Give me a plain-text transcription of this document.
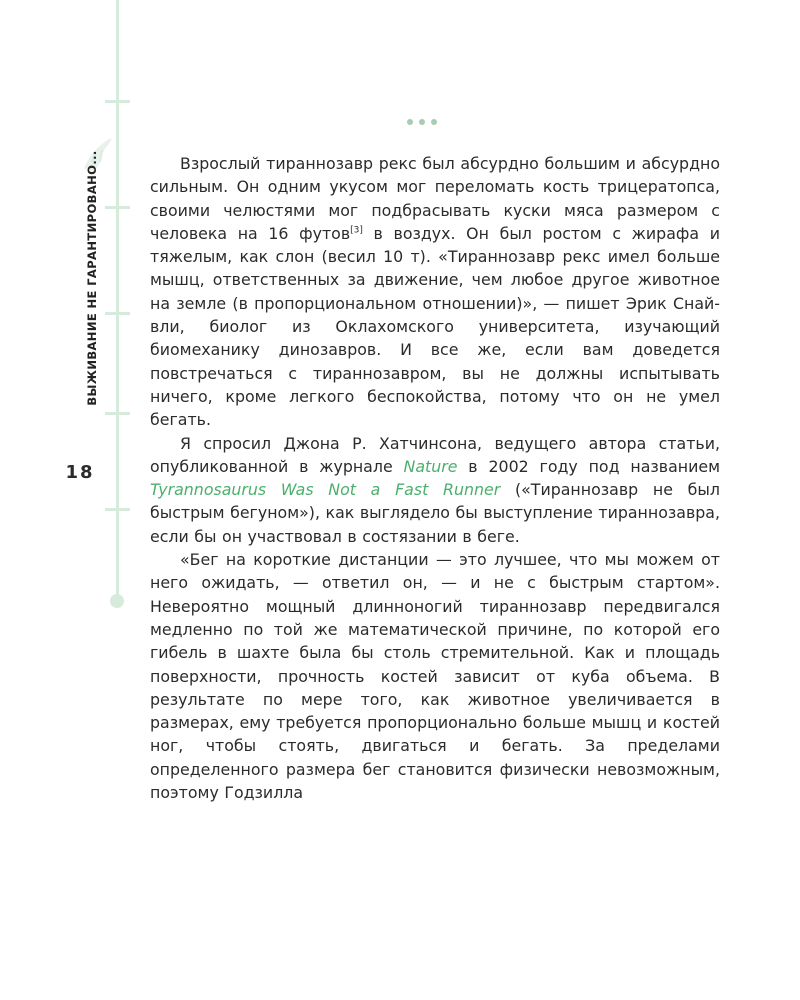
ВЫЖИВАНИЕ НЕ ГАРАНТИРОВАНО...
18

Взрослый тираннозавр рекс был абсурдно большим и абсурдно сильным. Он одним укусом мог переломать кость трицератопса, своими челюстями мог подбрасывать куски мяса размером с человека на 16 футов[3] в воздух. Он был ростом с жирафа и тяжелым, как слон (весил 10 т). «Тираннозавр рекс имел больше мышц, ответственных за движение, чем любое другое животное на земле (в пропорциональном отношении)», — пишет Эрик Снайвли, биолог из Оклахомского университета, изучающий биомеханику динозавров. И все же, если вам доведется повстречаться с тираннозавром, вы не должны испытывать ничего, кроме легкого беспокойства, потому что он не умел бегать.

Я спросил Джона Р. Хатчинсона, ведущего автора статьи, опубликованной в журнале Nature в 2002 году под названием Tyrannosaurus Was Not a Fast Runner («Тираннозавр не был быстрым бегуном»), как выглядело бы выступление тираннозавра, если бы он участвовал в состязании в беге.

«Бег на короткие дистанции — это лучшее, что мы можем от него ожидать, — ответил он, — и не с быстрым стартом». Невероятно мощный длинноногий тираннозавр передвигался медленно по той же математической причине, по которой его гибель в шахте была бы столь стремительной. Как и площадь поверхности, прочность костей зависит от куба объема. В результате по мере того, как животное увеличивается в размерах, ему требуется пропорционально больше мышц и костей ног, чтобы стоять, двигаться и бегать. За пределами определенного размера бег становится физически невозможным, поэтому Годзилла
